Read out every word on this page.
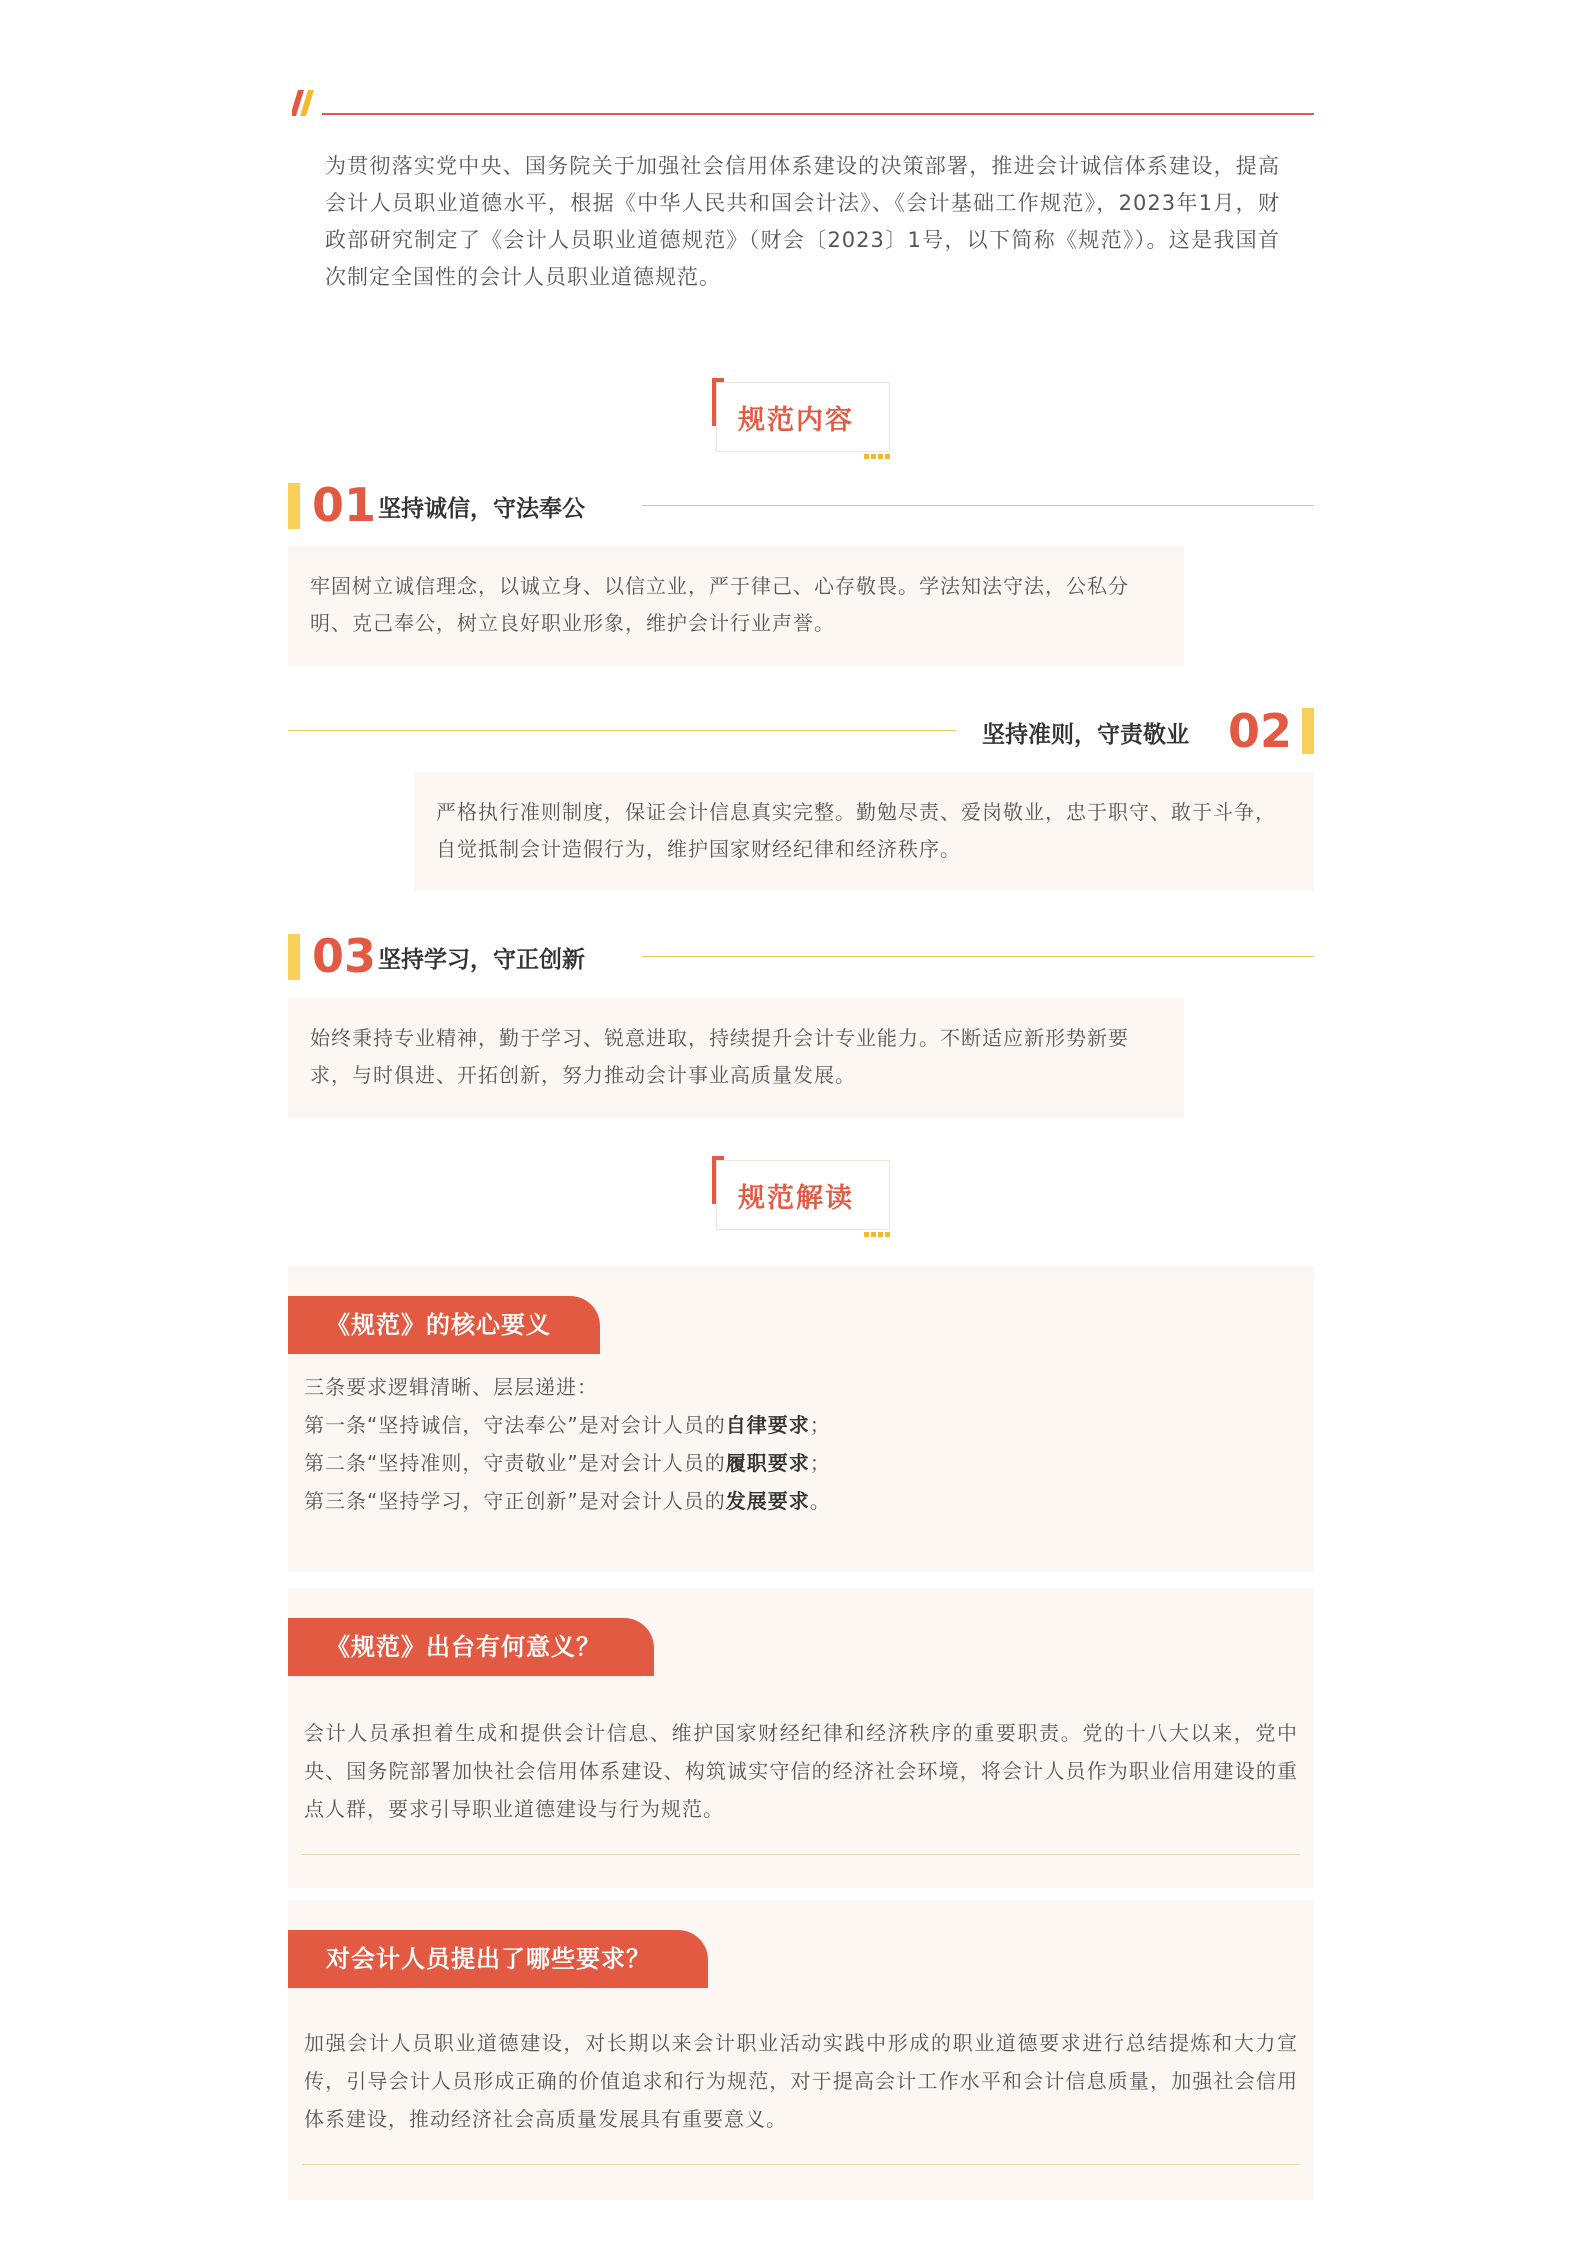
为贯彻落实党中央、国务院关于加强社会信用体系建设的决策部署，推进会计诚信体系建设，提高会计人员职业道德水平，根据《中华人民共和国会计法》、《会计基础工作规范》，2023年1月，财政部研究制定了《会计人员职业道德规范》（财会〔2023〕1号，以下简称《规范》）。这是我国首次制定全国性的会计人员职业道德规范。
规范内容
01 坚持诚信，守法奉公
牢固树立诚信理念，以诚立身、以信立业，严于律己、心存敬畏。学法知法守法，公私分明、克己奉公，树立良好职业形象，维护会计行业声誉。
坚持准则，守责敬业 02
严格执行准则制度，保证会计信息真实完整。勤勉尽责、爱岗敬业，忠于职守、敢于斗争，自觉抵制会计造假行为，维护国家财经纪律和经济秩序。
03 坚持学习，守正创新
始终秉持专业精神，勤于学习、锐意进取，持续提升会计专业能力。不断适应新形势新要求，与时俱进、开拓创新，努力推动会计事业高质量发展。
规范解读
《规范》的核心要义
三条要求逻辑清晰、层层递进：
第一条“坚持诚信，守法奉公”是对会计人员的自律要求；
第二条“坚持准则，守责敬业”是对会计人员的履职要求；
第三条“坚持学习，守正创新”是对会计人员的发展要求。
《规范》出台有何意义？
会计人员承担着生成和提供会计信息、维护国家财经纪律和经济秩序的重要职责。党的十八大以来，党中央、国务院部署加快社会信用体系建设、构筑诚实守信的经济社会环境，将会计人员作为职业信用建设的重点人群，要求引导职业道德建设与行为规范。
对会计人员提出了哪些要求？
加强会计人员职业道德建设，对长期以来会计职业活动实践中形成的职业道德要求进行总结提炼和大力宣传，引导会计人员形成正确的价值追求和行为规范，对于提高会计工作水平和会计信息质量，加强社会信用体系建设，推动经济社会高质量发展具有重要意义。
